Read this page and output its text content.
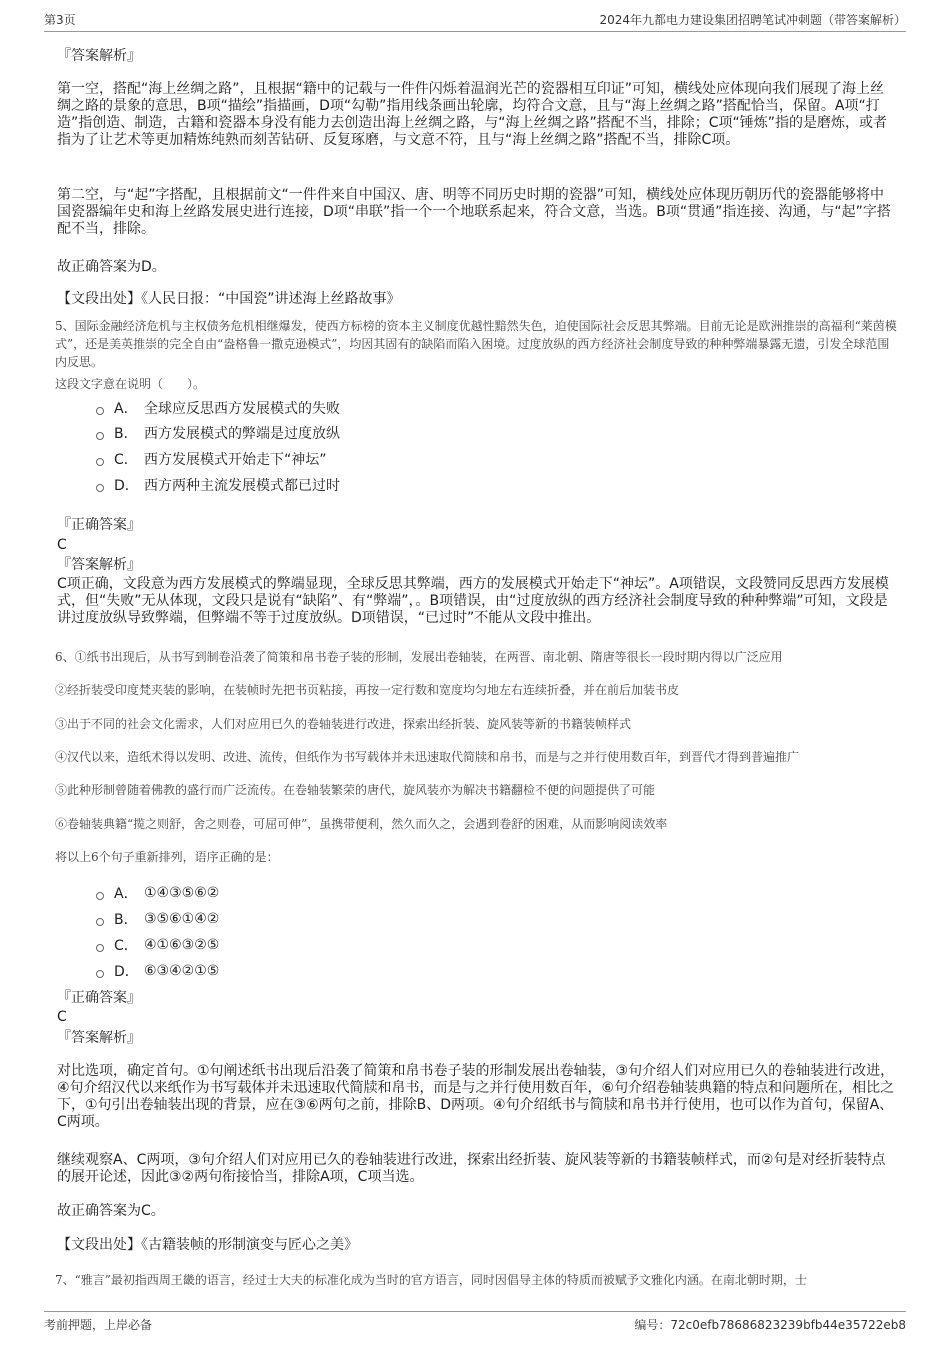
第3页	2024年九都电力建设集团招聘笔试冲刺题（带答案解析）
『答案解析』
第一空，搭配“海上丝绸之路”，且根据“籍中的记载与一件件闪烁着温润光芒的瓷器相互印证”可知，横线处应体现向我们展现了海上丝绸之路的景象的意思，B项“描绘”指描画，D项“勾勒”指用线条画出轮廓，均符合文意，且与“海上丝绸之路”搭配恰当，保留。A项“打造”指创造、制造，古籍和瓷器本身没有能力去创造出海上丝绸之路，与“海上丝绸之路”搭配不当，排除；C项“锤炼”指的是磨炼，或者指为了让艺术等更加精炼纯熟而刻苦钻研、反复琢磨，与文意不符，且与“海上丝绸之路”搭配不当，排除C项。
第二空，与“起”字搭配，且根据前文“一件件来自中国汉、唐、明等不同历史时期的瓷器”可知，横线处应体现历朝历代的瓷器能够将中国瓷器编年史和海上丝路发展史进行连接，D项“串联”指一个一个地联系起来，符合文意，当选。B项“贯通”指连接、沟通，与“起”字搭配不当，排除。
故正确答案为D。
【文段出处】《人民日报：“中国瓷”讲述海上丝路故事》
5、国际金融经济危机与主权债务危机相继爆发，使西方标榜的资本主义制度优越性黯然失色，迫使国际社会反思其弊端。目前无论是欧洲推崇的高福利“莱茵模式”，还是美英推崇的完全自由“盎格鲁一撒克逊模式”，均因其固有的缺陷而陷入困境。过度放纵的西方经济社会制度导致的种种弊端暴露无遗，引发全球范围内反思。
这段文字意在说明（　　）。
A． 全球应反思西方发展模式的失败
B． 西方发展模式的弊端是过度放纵
C． 西方发展模式开始走下“神坛”
D． 西方两种主流发展模式都已过时
『正确答案』
C
『答案解析』
C项正确，文段意为西方发展模式的弊端显现，全球反思其弊端，西方的发展模式开始走下“神坛”。A项错误，文段赞同反思西方发展模式，但“失败”无从体现，文段只是说有“缺陷”、有“弊端”，。B项错误，由“过度放纵的西方经济社会制度导致的种种弊端”可知，文段是讲过度放纵导致弊端，但弊端不等于过度放纵。D项错误，“已过时”不能从文段中推出。
6、①纸书出现后，从书写到制卷沿袭了简策和帛书卷子装的形制，发展出卷轴装，在两晋、南北朝、隋唐等很长一段时期内得以广泛应用
②经折装受印度梵夹装的影响，在装帧时先把书页粘接，再按一定行数和宽度均匀地左右连续折叠，并在前后加装书皮
③出于不同的社会文化需求，人们对应用已久的卷轴装进行改进，探索出经折装、旋风装等新的书籍装帧样式
④汉代以来，造纸术得以发明、改进、流传，但纸作为书写载体并未迅速取代简牍和帛书，而是与之并行使用数百年，到晋代才得到普遍推广
⑤此种形制曾随着佛教的盛行而广泛流传。在卷轴装繁荣的唐代，旋风装亦为解决书籍翻检不便的问题提供了可能
⑥卷轴装典籍“揽之则舒，舍之则卷，可屈可伸”，虽携带便利，然久而久之，会遇到卷舒的困难，从而影响阅读效率
将以上6个句子重新排列，语序正确的是：
A． ①④③⑤⑥②
B． ③⑤⑥①④②
C． ④①⑥③②⑤
D． ⑥③④②①⑤
『正确答案』
C
『答案解析』
对比选项，确定首句。①句阐述纸书出现后沿袭了简策和帛书卷子装的形制发展出卷轴装，③句介绍人们对应用已久的卷轴装进行改进，④句介绍汉代以来纸作为书写载体并未迅速取代简牍和帛书，而是与之并行使用数百年，⑥句介绍卷轴装典籍的特点和问题所在，相比之下，①句引出卷轴装出现的背景，应在③⑥两句之前，排除B、D两项。④句介绍纸书与简牍和帛书并行使用，也可以作为首句，保留A、C两项。
继续观察A、C两项，③句介绍人们对应用已久的卷轴装进行改进，探索出经折装、旋风装等新的书籍装帧样式，而②句是对经折装特点的展开论述，因此③②两句衔接恰当，排除A项，C项当选。
故正确答案为C。
【文段出处】《古籍装帧的形制演变与匠心之美》
7、“雅言”最初指西周王畿的语言，经过士大夫的标准化成为当时的官方语言，同时因倡导主体的特质而被赋予文雅化内涵。在南北朝时期，士
考前押题，上岸必备	编号：72c0efb78686823239bfb44e35722eb8
